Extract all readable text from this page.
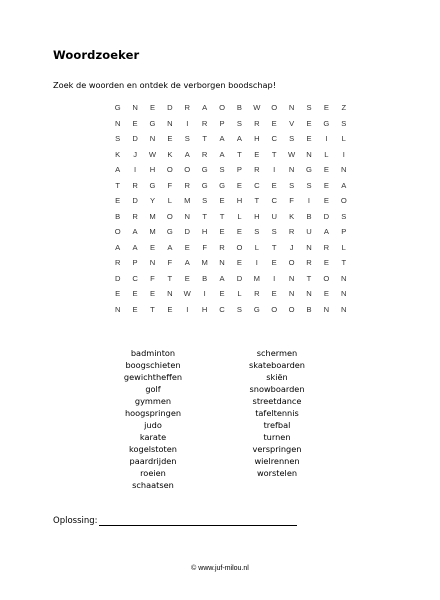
Woordzoeker
Zoek de woorden en ontdek de verborgen boodschap!
G	N	E	D	R	A	O	B	W	O	N	S	E	Z
N	E	G	N	I	R	P	S	R	E	V	E	G	S
S	D	N	E	S	T	A	A	H	C	S	E	I	L
K	J	W	K	A	R	A	T	E	T	W	N	L	I
A	I	H	O	O	G	S	P	R	I	N	G	E	N
T	R	G	F	R	G	G	E	C	E	S	S	E	A
E	D	Y	L	M	S	E	H	T	C	F	I	E	O
B	R	M	O	N	T	T	L	H	U	K	B	D	S
O	A	M	G	D	H	E	E	S	S	R	U	A	P
A	A	E	A	E	F	R	O	L	T	J	N	R	L
R	P	N	F	A	M	N	E	I	E	O	R	E	T
D	C	F	T	E	B	A	D	M	I	N	T	O	N
E	E	E	N	W	I	E	L	R	E	N	N	E	N
N	E	T	E	I	H	C	S	G	O	O	B	N	N
badminton
boogschieten
gewichtheffen
golf
gymmen
hoogspringen
judo
karate
kogelstoten
paardrijden
roeien
schaatsen
schermen
skateboarden
skiën
snowboarden
streetdance
tafeltennis
trefbal
turnen
verspringen
wielrennen
worstelen
Oplossing:
© www.juf-milou.nl
